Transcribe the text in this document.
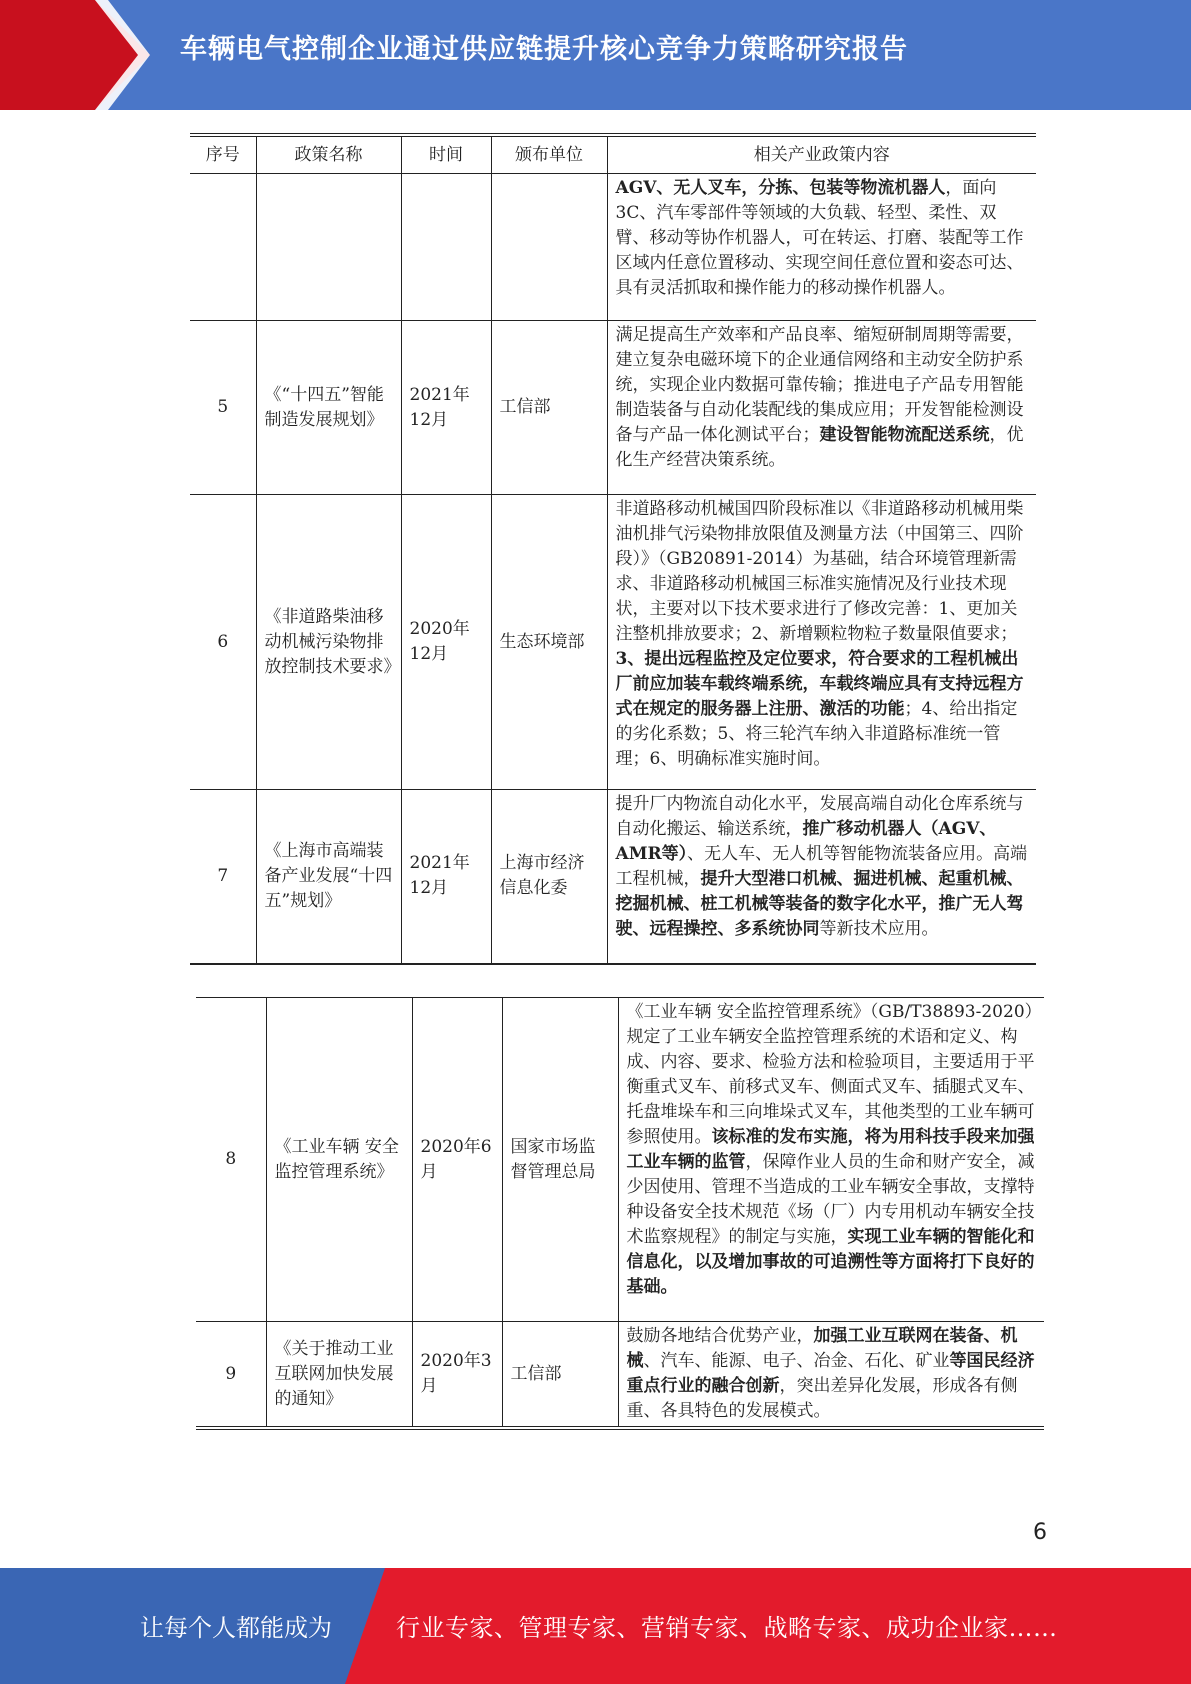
车辆电气控制企业通过供应链提升核心竞争力策略研究报告
序号	政策名称	时间	颁布单位	相关产业政策内容
				AGV、无人叉车，分拣、包装等物流机器人，面向3C、汽车零部件等领域的大负载、轻型、柔性、双臂、移动等协作机器人，可在转运、打磨、装配等工作区域内任意位置移动、实现空间任意位置和姿态可达、具有灵活抓取和操作能力的移动操作机器人。
5	《“十四五”智能制造发展规划》	2021年12月	工信部	满足提高生产效率和产品良率、缩短研制周期等需要，建立复杂电磁环境下的企业通信网络和主动安全防护系统，实现企业内数据可靠传输；推进电子产品专用智能制造装备与自动化装配线的集成应用；开发智能检测设备与产品一体化测试平台；建设智能物流配送系统，优化生产经营决策系统。
6	《非道路柴油移动机械污染物排放控制技术要求》	2020年12月	生态环境部	非道路移动机械国四阶段标准以《非道路移动机械用柴油机排气污染物排放限值及测量方法（中国第三、四阶段）》（GB20891-2014）为基础，结合环境管理新需求、非道路移动机械国三标准实施情况及行业技术现状，主要对以下技术要求进行了修改完善：1、更加关注整机排放要求；2、新增颗粒物粒子数量限值要求；3、提出远程监控及定位要求，符合要求的工程机械出厂前应加装车载终端系统，车载终端应具有支持远程方式在规定的服务器上注册、激活的功能；4、给出指定的劣化系数；5、将三轮汽车纳入非道路标准统一管理；6、明确标准实施时间。
7	《上海市高端装备产业发展“十四五”规划》	2021年12月	上海市经济信息化委	提升厂内物流自动化水平，发展高端自动化仓库系统与自动化搬运、输送系统，推广移动机器人（AGV、AMR等）、无人车、无人机等智能物流装备应用。高端工程机械，提升大型港口机械、掘进机械、起重机械、挖掘机械、桩工机械等装备的数字化水平，推广无人驾驶、远程操控、多系统协同等新技术应用。
8	《工业车辆 安全监控管理系统》	2020年6月	国家市场监督管理总局	《工业车辆 安全监控管理系统》（GB/T38893-2020）规定了工业车辆安全监控管理系统的术语和定义、构成、内容、要求、检验方法和检验项目，主要适用于平衡重式叉车、前移式叉车、侧面式叉车、插腿式叉车、托盘堆垛车和三向堆垛式叉车，其他类型的工业车辆可参照使用。该标准的发布实施，将为用科技手段来加强工业车辆的监管，保障作业人员的生命和财产安全，减少因使用、管理不当造成的工业车辆安全事故，支撑特种设备安全技术规范《场（厂）内专用机动车辆安全技术监察规程》的制定与实施，实现工业车辆的智能化和信息化，以及增加事故的可追溯性等方面将打下良好的基础。
9	《关于推动工业互联网加快发展的通知》	2020年3月	工信部	鼓励各地结合优势产业，加强工业互联网在装备、机械、汽车、能源、电子、冶金、石化、矿业等国民经济重点行业的融合创新，突出差异化发展，形成各有侧重、各具特色的发展模式。
6
让每个人都能成为	行业专家、管理专家、营销专家、战略专家、成功企业家……
